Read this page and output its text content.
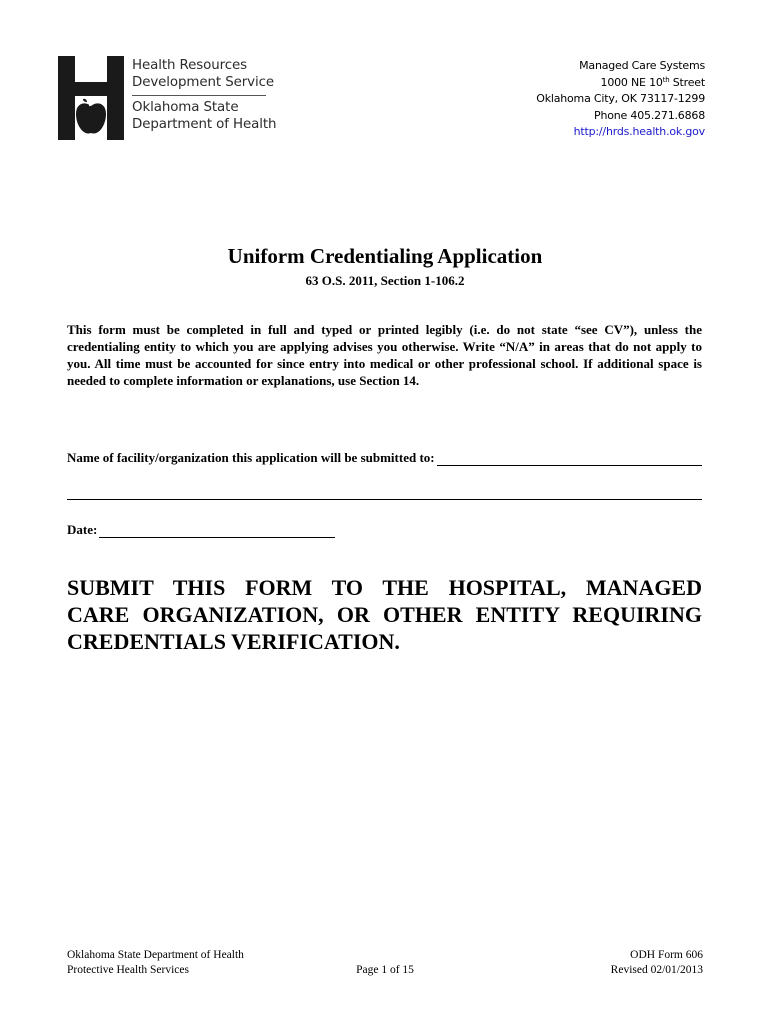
Health Resources
Development Service
Oklahoma State
Department of Health
Managed Care Systems
1000 NE 10th Street
Oklahoma City, OK 73117-1299
Phone 405.271.6868
http://hrds.health.ok.gov
Uniform Credentialing Application
63 O.S. 2011, Section 1-106.2
This form must be completed in full and typed or printed legibly (i.e. do not state “see CV”), unless the credentialing entity to which you are applying advises you otherwise. Write “N/A” in areas that do not apply to you. All time must be accounted for since entry into medical or other professional school. If additional space is needed to complete information or explanations, use Section 14.
Name of facility/organization this application will be submitted to:
Date:
SUBMIT THIS FORM TO THE HOSPITAL, MANAGED
CARE ORGANIZATION, OR OTHER ENTITY REQUIRING
CREDENTIALS VERIFICATION.
Oklahoma State Department of Health
Protective Health Services	Page 1 of 15
ODH Form 606
Revised 02/01/2013
